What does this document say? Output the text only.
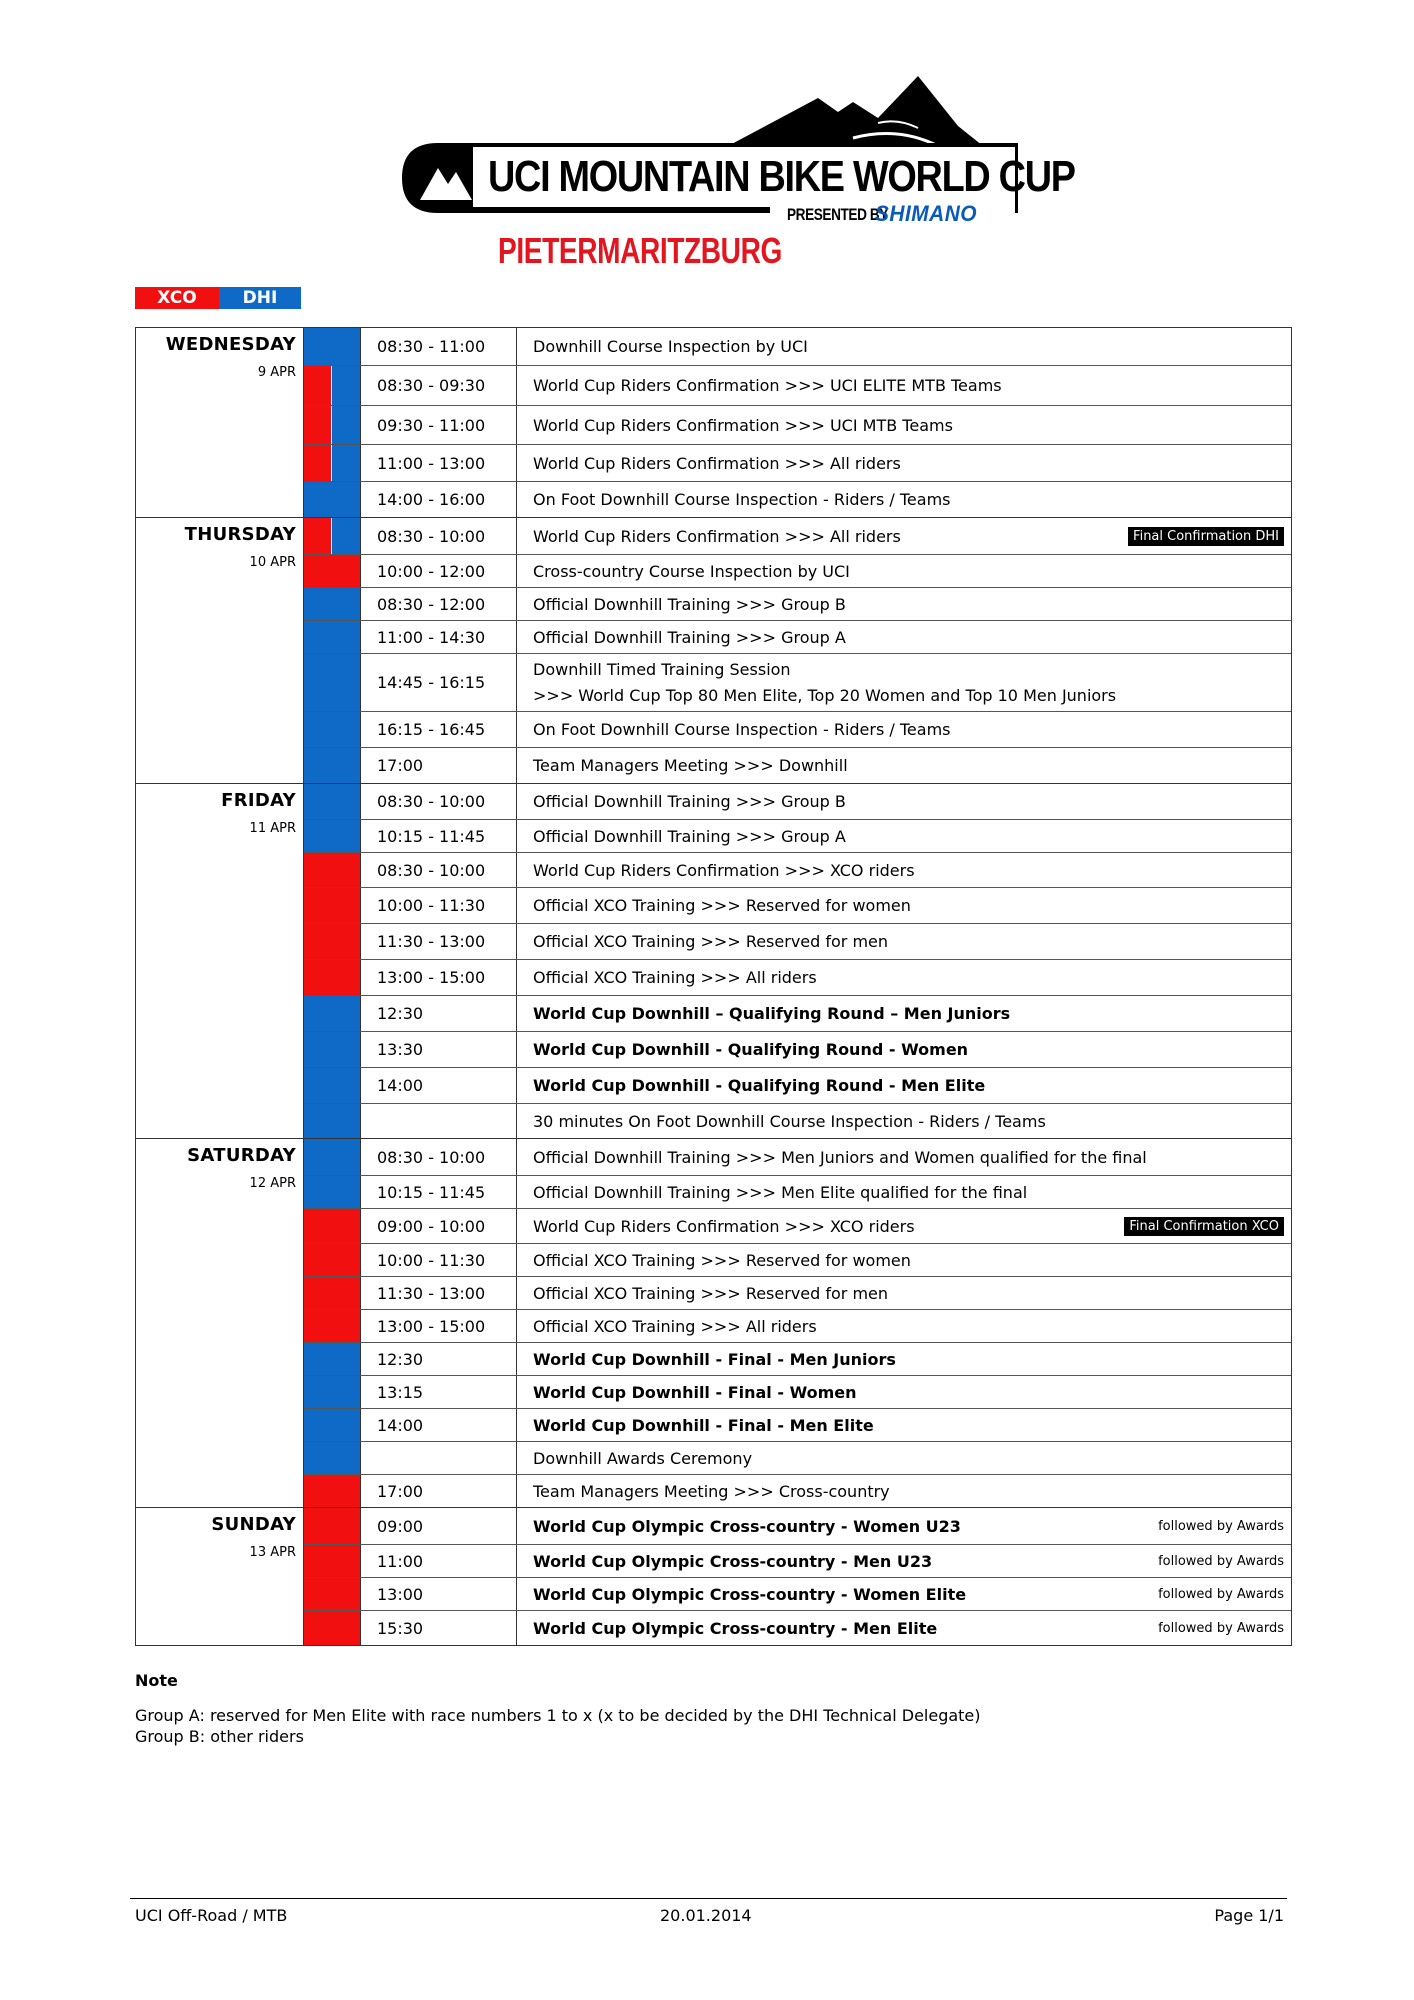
UCI MOUNTAIN BIKE WORLD CUP
PRESENTED BY
SHIMANO
PIETERMARITZBURG
XCO	DHI
WEDNESDAY
9 APR
08:30 - 11:00	Downhill Course Inspection by UCI
08:30 - 09:30	World Cup Riders Confirmation >>> UCI ELITE MTB Teams
09:30 - 11:00	World Cup Riders Confirmation >>> UCI MTB Teams
11:00 - 13:00	World Cup Riders Confirmation >>> All riders
14:00 - 16:00	On Foot Downhill Course Inspection - Riders / Teams
THURSDAY
10 APR
08:30 - 10:00	World Cup Riders Confirmation >>> All riders	Final Confirmation DHI
10:00 - 12:00	Cross-country Course Inspection by UCI
08:30 - 12:00	Official Downhill Training >>> Group B
11:00 - 14:30	Official Downhill Training >>> Group A
14:45 - 16:15
Downhill Timed Training Session
>>> World Cup Top 80 Men Elite, Top 20 Women and Top 10 Men Juniors
16:15 - 16:45	On Foot Downhill Course Inspection - Riders / Teams
17:00	Team Managers Meeting >>> Downhill
FRIDAY
11 APR
08:30 - 10:00	Official Downhill Training >>> Group B
10:15 - 11:45	Official Downhill Training >>> Group A
08:30 - 10:00	World Cup Riders Confirmation >>> XCO riders
10:00 - 11:30	Official XCO Training >>> Reserved for women
11:30 - 13:00	Official XCO Training >>> Reserved for men
13:00 - 15:00	Official XCO Training >>> All riders
12:30	World Cup Downhill – Qualifying Round – Men Juniors
13:30	World Cup Downhill - Qualifying Round - Women
14:00	World Cup Downhill - Qualifying Round - Men Elite
30 minutes On Foot Downhill Course Inspection - Riders / Teams
SATURDAY
12 APR
08:30 - 10:00	Official Downhill Training >>> Men Juniors and Women qualified for the final
10:15 - 11:45	Official Downhill Training >>> Men Elite qualified for the final
09:00 - 10:00	World Cup Riders Confirmation >>> XCO riders	Final Confirmation XCO
10:00 - 11:30	Official XCO Training >>> Reserved for women
11:30 - 13:00	Official XCO Training >>> Reserved for men
13:00 - 15:00	Official XCO Training >>> All riders
12:30	World Cup Downhill - Final - Men Juniors
13:15	World Cup Downhill - Final - Women
14:00	World Cup Downhill - Final - Men Elite
Downhill Awards Ceremony
17:00	Team Managers Meeting >>> Cross-country
SUNDAY
13 APR
09:00	World Cup Olympic Cross-country - Women U23	followed by Awards
11:00	World Cup Olympic Cross-country - Men U23	followed by Awards
13:00	World Cup Olympic Cross-country - Women Elite	followed by Awards
15:30	World Cup Olympic Cross-country - Men Elite	followed by Awards
Note
Group A: reserved for Men Elite with race numbers 1 to x (x to be decided by the DHI Technical Delegate)
Group B: other riders
UCI Off-Road / MTB	20.01.2014	Page 1/1
